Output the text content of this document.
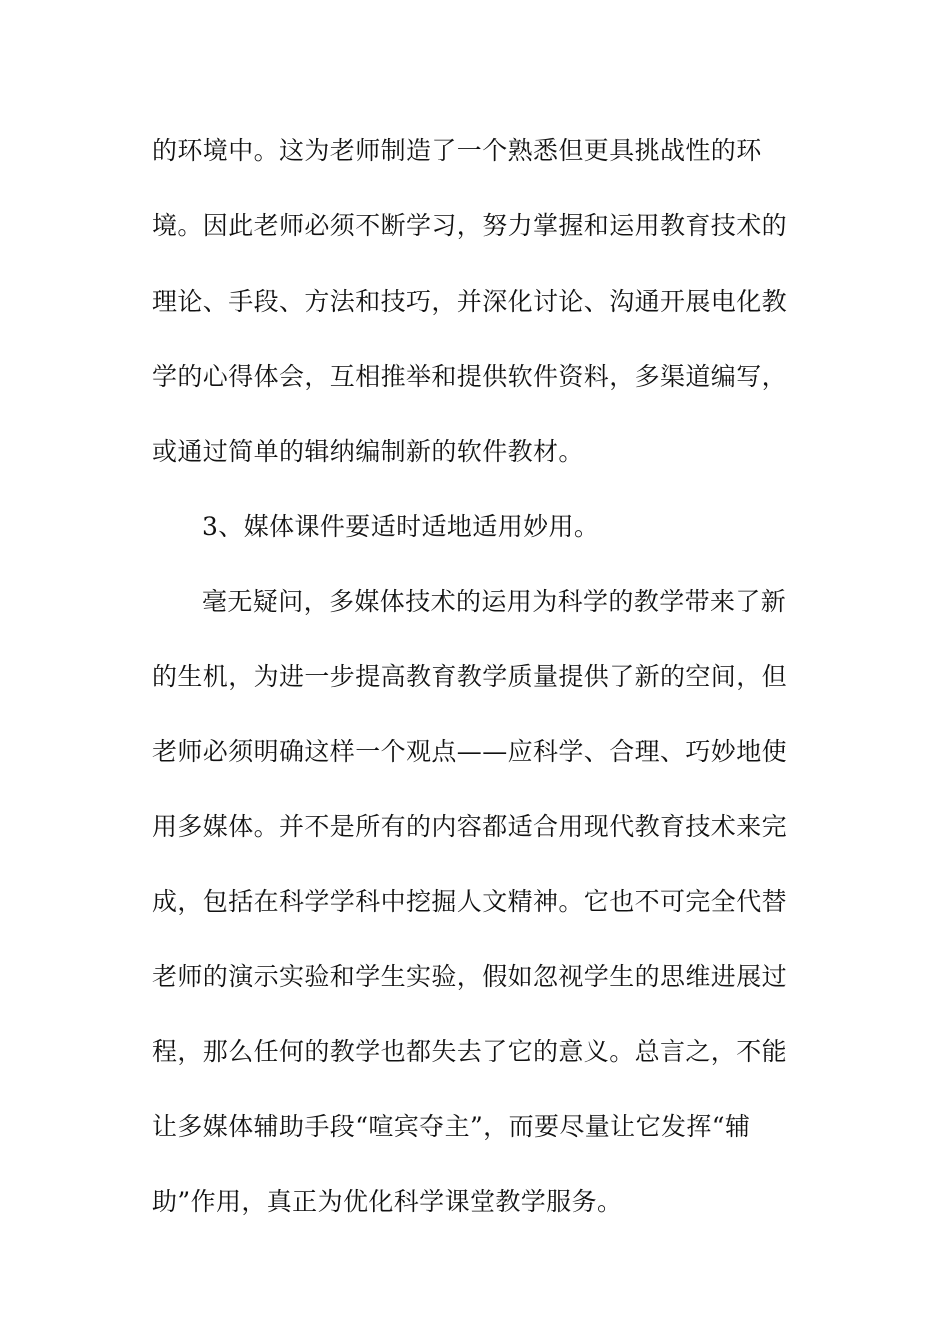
的环境中。这为老师制造了一个熟悉但更具挑战性的环
境。因此老师必须不断学习，努力掌握和运用教育技术的
理论、手段、方法和技巧，并深化讨论、沟通开展电化教
学的心得体会，互相推举和提供软件资料，多渠道编写，
或通过简单的辑纳编制新的软件教材。
3、媒体课件要适时适地适用妙用。
毫无疑问，多媒体技术的运用为科学的教学带来了新
的生机，为进一步提高教育教学质量提供了新的空间，但
老师必须明确这样一个观点——应科学、合理、巧妙地使
用多媒体。并不是所有的内容都适合用现代教育技术来完
成，包括在科学学科中挖掘人文精神。它也不可完全代替
老师的演示实验和学生实验，假如忽视学生的思维进展过
程，那么任何的教学也都失去了它的意义。总言之，不能
让多媒体辅助手段“喧宾夺主”，而要尽量让它发挥“辅
助”作用，真正为优化科学课堂教学服务。
